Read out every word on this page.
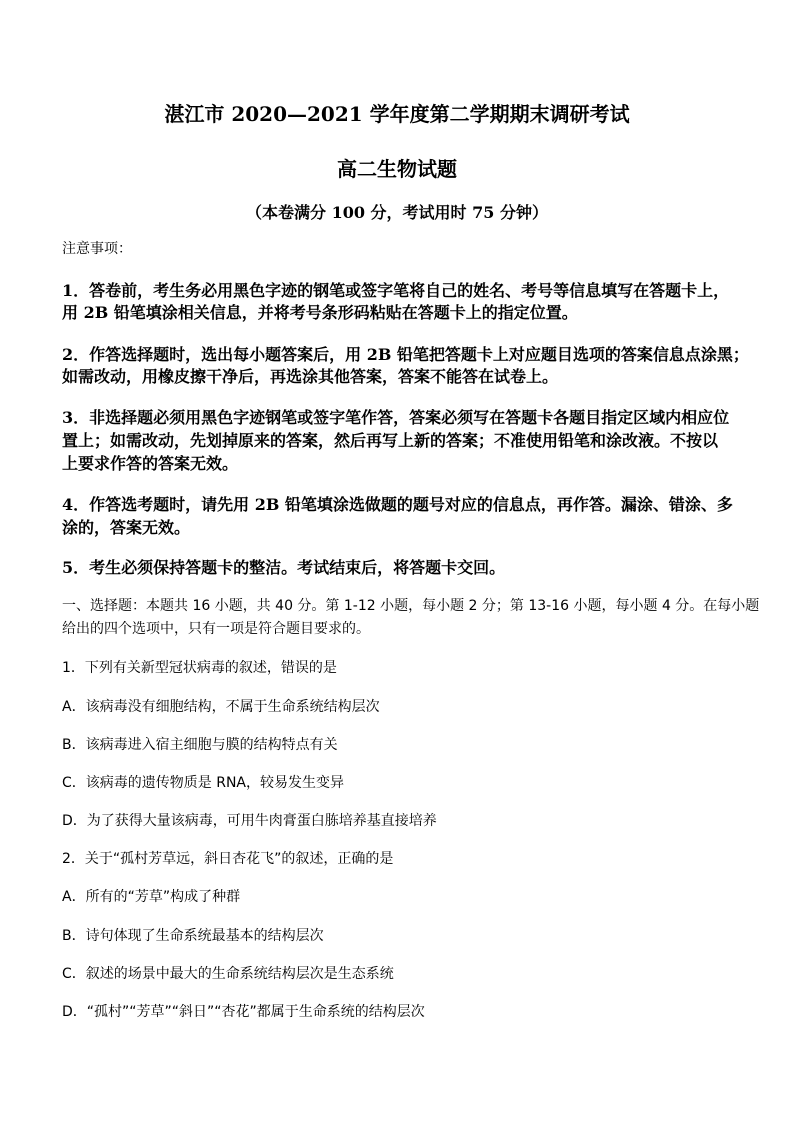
湛江市 2020—2021 学年度第二学期期末调研考试
高二生物试题
（本卷满分 100 分，考试用时 75 分钟）
注意事项：
1．答卷前，考生务必用黑色字迹的钢笔或签字笔将自己的姓名、考号等信息填写在答题卡上，
用 2B 铅笔填涂相关信息，并将考号条形码粘贴在答题卡上的指定位置。
2．作答选择题时，选出每小题答案后，用 2B 铅笔把答题卡上对应题目选项的答案信息点涂黑；
如需改动，用橡皮擦干净后，再选涂其他答案，答案不能答在试卷上。
3．非选择题必须用黑色字迹钢笔或签字笔作答，答案必须写在答题卡各题目指定区域内相应位
置上；如需改动，先划掉原来的答案，然后再写上新的答案；不准使用铅笔和涂改液。不按以
上要求作答的答案无效。
4．作答选考题时，请先用 2B 铅笔填涂选做题的题号对应的信息点，再作答。漏涂、错涂、多
涂的，答案无效。
5．考生必须保持答题卡的整洁。考试结束后，将答题卡交回。
一、选择题：本题共 16 小题，共 40 分。第 1-12 小题，每小题 2 分；第 13-16 小题，每小题 4 分。在每小题
给出的四个选项中，只有一项是符合题目要求的。
1．下列有关新型冠状病毒的叙述，错误的是
A．该病毒没有细胞结构，不属于生命系统结构层次
B．该病毒进入宿主细胞与膜的结构特点有关
C．该病毒的遗传物质是 RNA，较易发生变异
D．为了获得大量该病毒，可用牛肉膏蛋白胨培养基直接培养
2．关于“孤村芳草远，斜日杏花飞”的叙述，正确的是
A．所有的“芳草”构成了种群
B．诗句体现了生命系统最基本的结构层次
C．叙述的场景中最大的生命系统结构层次是生态系统
D．“孤村”“芳草”“斜日”“杏花”都属于生命系统的结构层次
